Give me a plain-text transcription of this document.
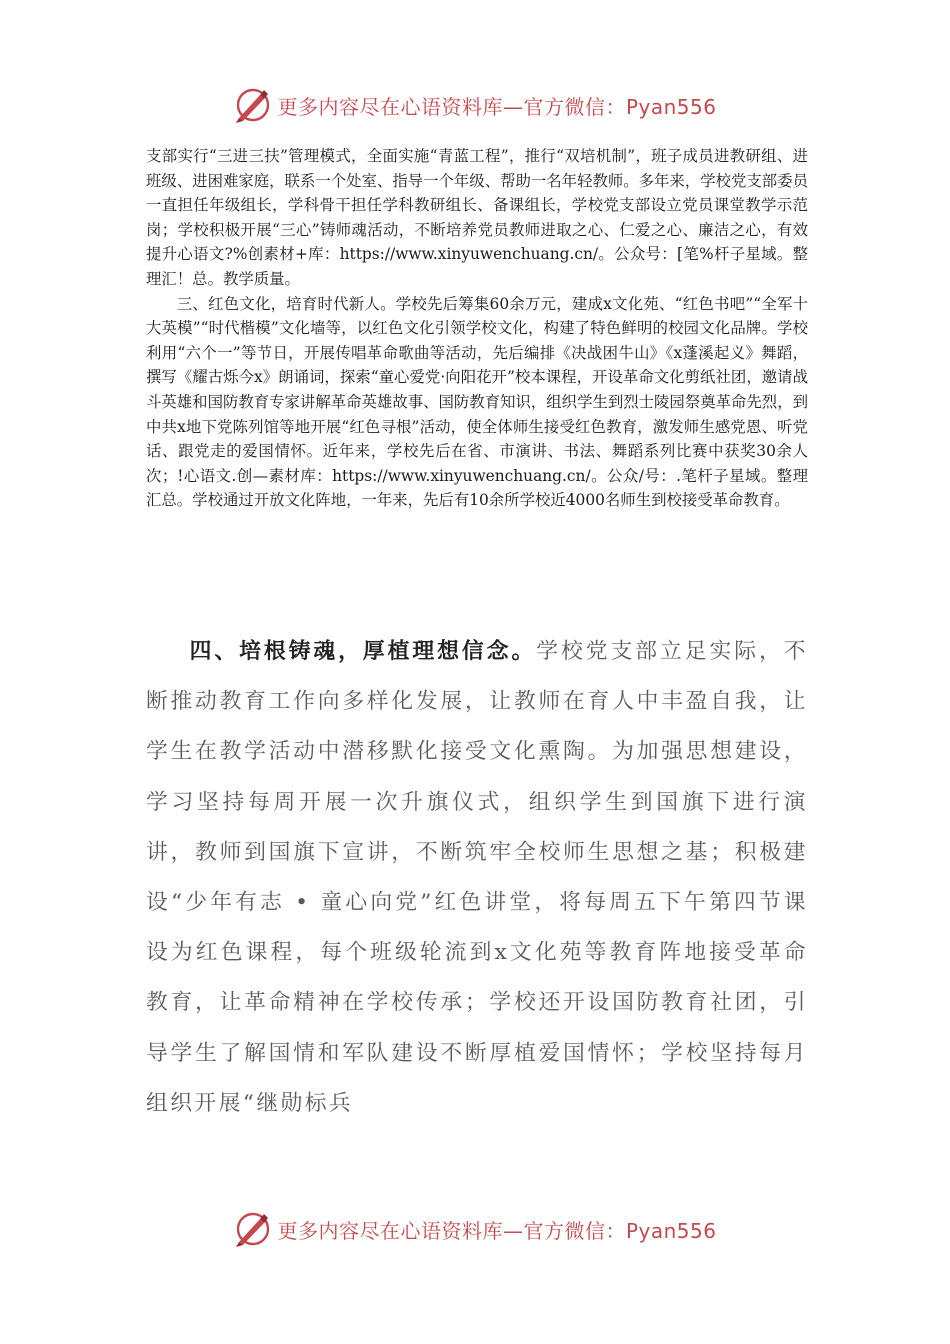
更多内容尽在心语资料库—官方微信：Pyan556

支部实行“三进三扶”管理模式，全面实施“青蓝工程”，推行“双培机制”，班子成员进教研组、进班级、进困难家庭，联系一个处室、指导一个年级、帮助一名年轻教师。多年来，学校党支部委员一直担任年级组长，学科骨干担任学科教研组长、备课组长，学校党支部设立党员课堂教学示范岗；学校积极开展“三心”铸师魂活动，不断培养党员教师进取之心、仁爱之心、廉洁之心，有效提升心语文?%创素材+库：https://www.xinyuwenchuang.cn/。公众号：[笔%杆子星域。整理汇！总。教学质量。

三、红色文化，培育时代新人。学校先后筹集60余万元，建成x文化苑、“红色书吧”“全军十大英模”“时代楷模”文化墙等，以红色文化引领学校文化，构建了特色鲜明的校园文化品牌。学校利用“六个一”等节日，开展传唱革命歌曲等活动，先后编排《决战困牛山》《x蓬溪起义》舞蹈，撰写《耀古烁今x》朗诵词，探索“童心爱党·向阳花开”校本课程，开设革命文化剪纸社团，邀请战斗英雄和国防教育专家讲解革命英雄故事、国防教育知识，组织学生到烈士陵园祭奠革命先烈，到中共x地下党陈列馆等地开展“红色寻根”活动，使全体师生接受红色教育，激发师生感党恩、听党话、跟党走的爱国情怀。近年来，学校先后在省、市演讲、书法、舞蹈系列比赛中获奖30余人次；!心语文.创—素材库：https://www.xinyuwenchuang.cn/。公众/号：.笔杆子星域。整理汇总。学校通过开放文化阵地，一年来，先后有10余所学校近4000名师生到校接受革命教育。

四、培根铸魂，厚植理想信念。学校党支部立足实际，不断推动教育工作向多样化发展，让教师在育人中丰盈自我，让学生在教学活动中潜移默化接受文化熏陶。为加强思想建设，学习坚持每周开展一次升旗仪式，组织学生到国旗下进行演讲，教师到国旗下宣讲，不断筑牢全校师生思想之基；积极建设“少年有志 • 童心向党”红色讲堂，将每周五下午第四节课设为红色课程，每个班级轮流到x文化苑等教育阵地接受革命教育，让革命精神在学校传承；学校还开设国防教育社团，引导学生了解国情和军队建设不断厚植爱国情怀；学校坚持每月组织开展“继勋标兵

更多内容尽在心语资料库—官方微信：Pyan556
